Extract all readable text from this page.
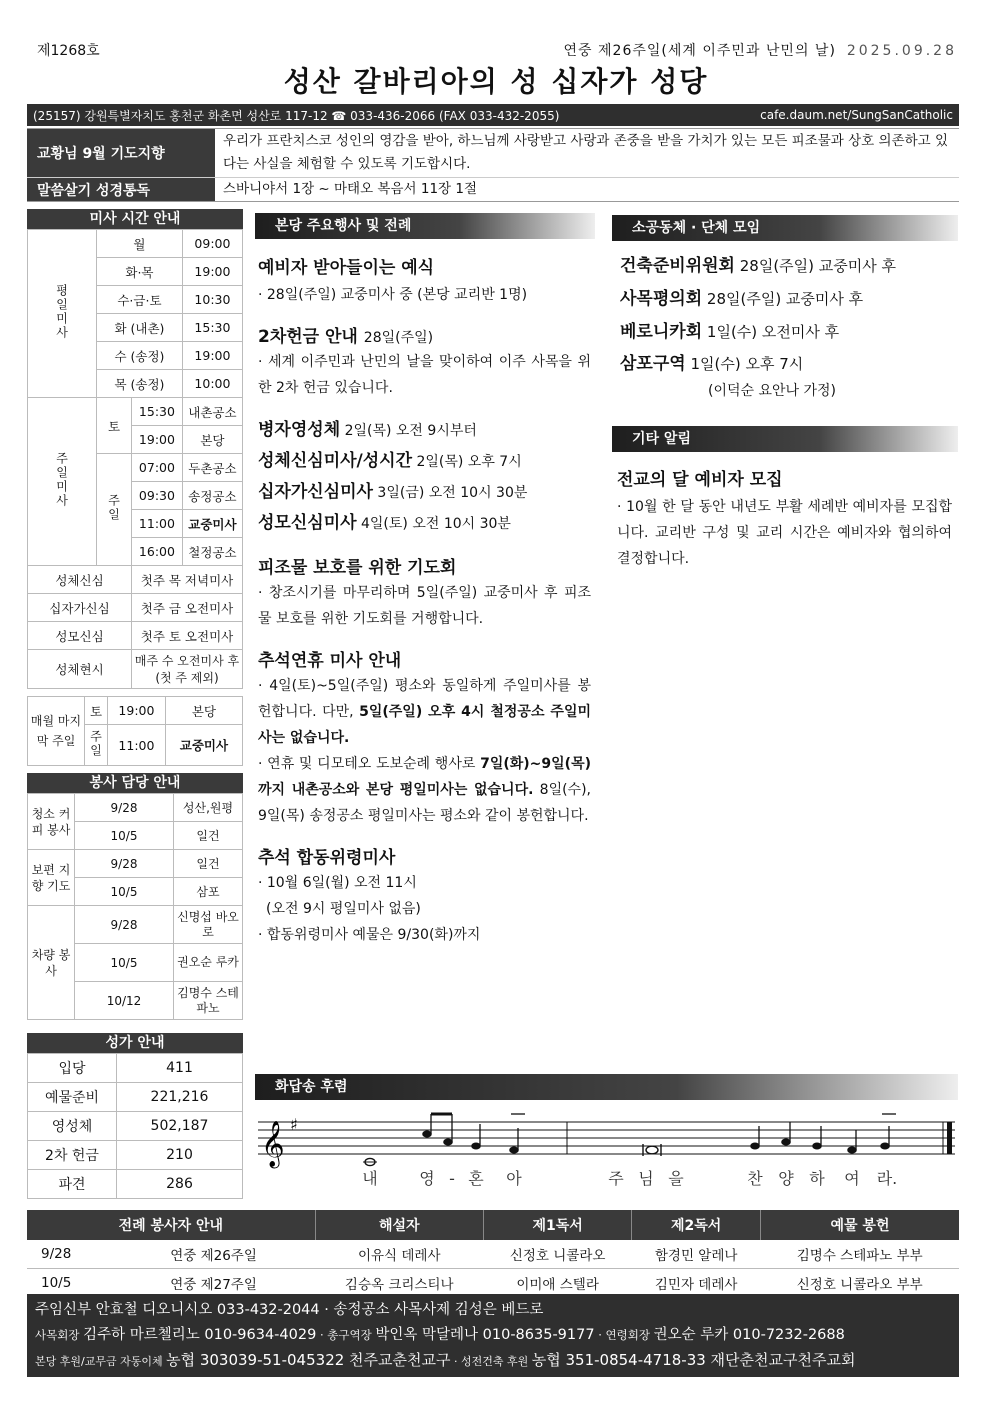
제1268호	연중 제26주일(세계 이주민과 난민의 날) 2025.09.28
성산 갈바리아의 성 십자가 성당
(25157) 강원특별자치도 홍천군 화촌면 성산로 117-12 ☎ 033-436-2066 (FAX 033-432-2055)	cafe.daum.net/SungSanCatholic
교황님 9월 기도지향
우리가 프란치스코 성인의 영감을 받아, 하느님께 사랑받고 사랑과 존중을 받을 가치가 있는 모든 피조물과 상호 의존하고 있다는 사실을 체험할 수 있도록 기도합시다.
말씀살기 성경통독	스바니야서 1장 ~ 마태오 복음서 11장 1절
미사 시간 안내
평일미사	월		09:00
	화·목		19:00
	수·금·토		10:30
	화 (내촌)		15:30
	수 (송정)		19:00
	목 (송정)		10:00
주일미사	토	15:30	내촌공소
		19:00	본당
	주일	07:00	두촌공소
		09:30	송정공소
		11:00	교중미사
		16:00	철정공소
성체신심		첫주 목 저녁미사	
십자가신심		첫주 금 오전미사	
성모신심		첫주 토 오전미사	
성체현시		매주 수 오전미사 후 (첫 주 제외)	
매월 마지막 주일	토	19:00	본당
	주일	11:00	교중미사
봉사 담당 안내
청소 커피 봉사	9/28	성산,원평
	10/5	일건
보편 지향 기도	9/28	일건
	10/5	삼포
차량 봉사	9/28	신명섭 바오로
	10/5	권오순 루카
	10/12	김명수 스테파노
성가 안내
입당	411
예물준비	221,216
영성체	502,187
2차 헌금	210
파견	286
본당 주요행사 및 전례

예비자 받아들이는 예식

· 28일(주일) 교중미사 중 (본당 교리반 1명)

2차헌금 안내 28일(주일)

· 세계 이주민과 난민의 날을 맞이하여 이주 사목을 위한 2차 헌금 있습니다.

병자영성체 2일(목) 오전 9시부터

성체신심미사/성시간 2일(목) 오후 7시

십자가신심미사 3일(금) 오전 10시 30분

성모신심미사 4일(토) 오전 10시 30분

피조물 보호를 위한 기도회

· 창조시기를 마무리하며 5일(주일) 교중미사 후 피조물 보호를 위한 기도회를 거행합니다.

추석연휴 미사 안내

· 4일(토)~5일(주일) 평소와 동일하게 주일미사를 봉헌합니다. 다만, 5일(주일) 오후 4시 철정공소 주일미사는 없습니다.

· 연휴 및 디모테오 도보순례 행사로 7일(화)~9일(목)까지 내촌공소와 본당 평일미사는 없습니다. 8일(수), 9일(목) 송정공소 평일미사는 평소와 같이 봉헌합니다.

추석 합동위령미사

· 10월 6일(월) 오전 11시

(오전 9시 평일미사 없음)

· 합동위령미사 예물은 9/30(화)까지

소공동체 · 단체 모임
건축준비위원회 28일(주일) 교중미사 후
사목평의회 28일(주일) 교중미사 후
베로니카회 1일(수) 오전미사 후
삼포구역 1일(수) 오후 7시
(이덕순 요안나 가정)
기타 알림

전교의 달 예비자 모집

· 10월 한 달 동안 내년도 부활 세례반 예비자를 모집합니다. 교리반 구성 및 교리 시간은 예비자와 협의하여 결정합니다.

화답송 후렴
𝄞 ♯
내	영 - 혼 아	주 님 을	찬 양 하 여 라.
전례 봉사자 안내		해설자	제1독서	제2독서	예물 봉헌
9/28	연중 제26주일	이유식 데레사	신정호 니콜라오	함경민 알레나	김명수 스테파노 부부
10/5	연중 제27주일	김승옥 크리스티나	이미애 스텔라	김민자 데레사	신정호 니콜라오 부부
주임신부 안효철 디오니시오 033-432-2044 · 송정공소 사목사제 김성은 베드로
사목회장 김주하 마르첼리노 010-9634-4029 · 총구역장 박인옥 막달레나 010-8635-9177 · 연령회장 권오순 루카 010-7232-2688
본당 후원/교무금 자동이체 농협 303039-51-045322 천주교춘천교구 · 성전건축 후원 농협 351-0854-4718-33 재단춘천교구천주교회
